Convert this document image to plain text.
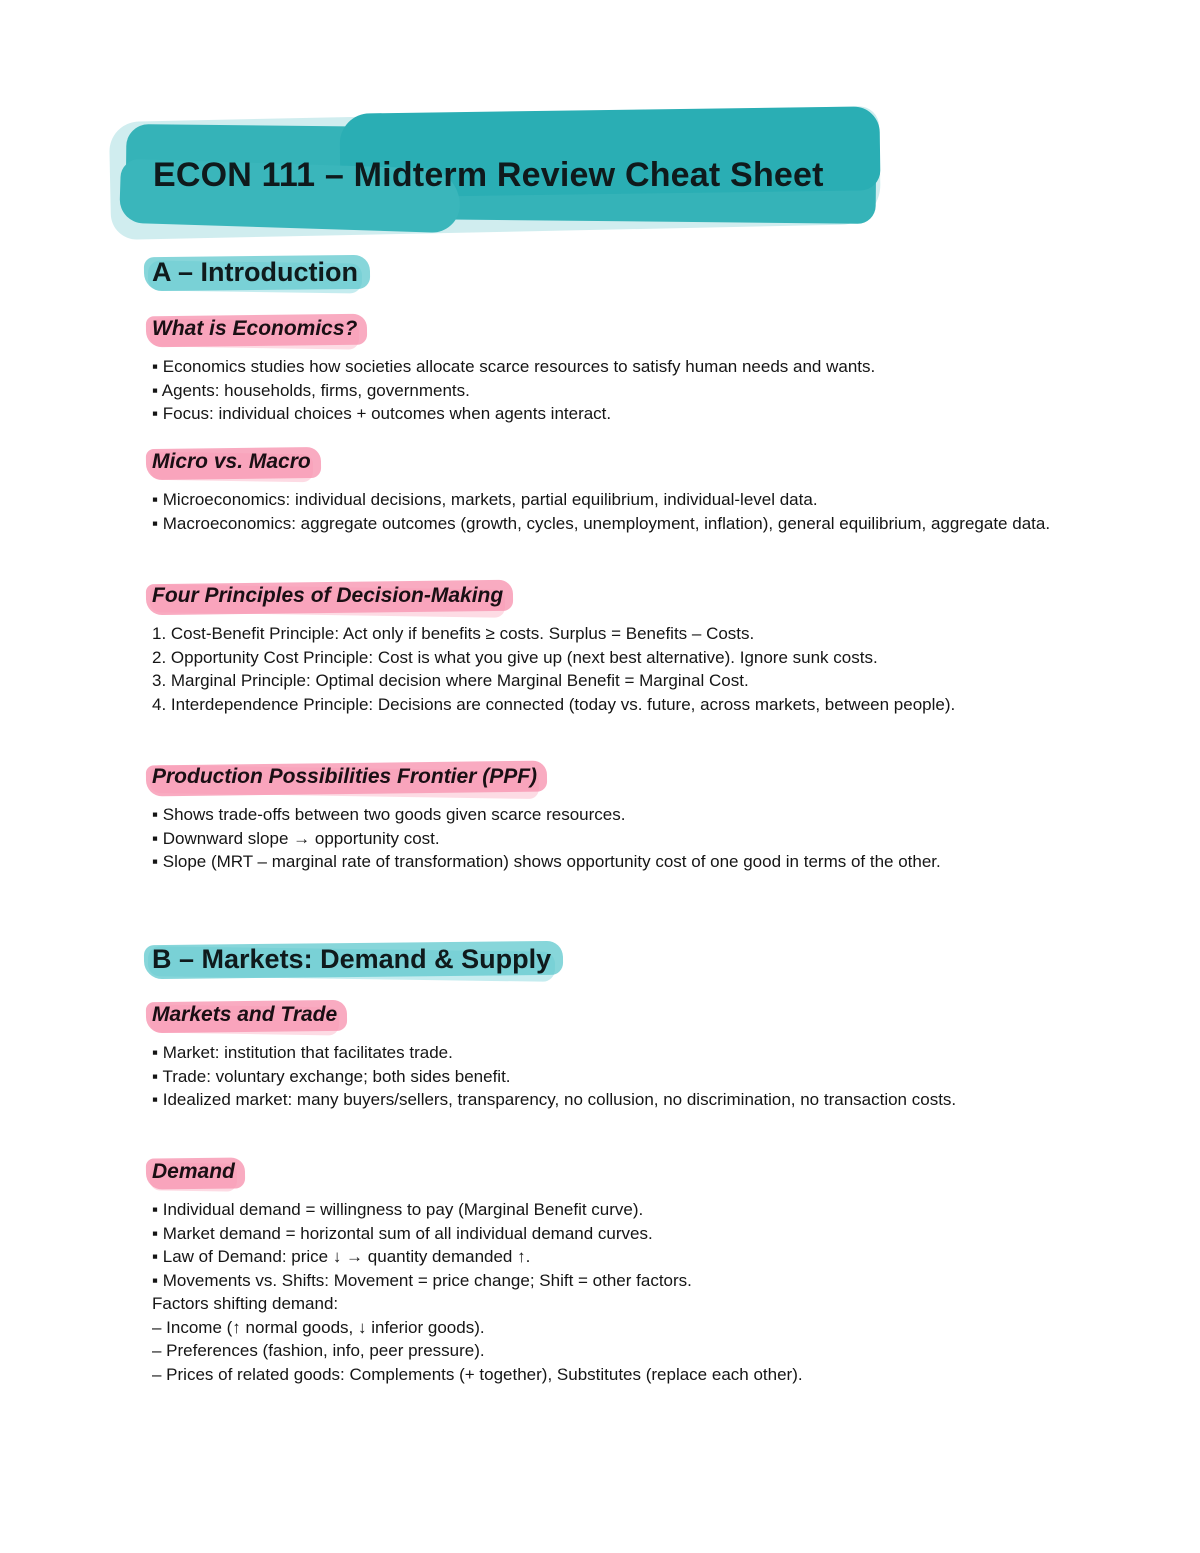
ECON 111 – Midterm Review Cheat Sheet
A – Introduction
What is Economics?

▪ Economics studies how societies allocate scarce resources to satisfy human needs and wants.

▪ Agents: households, firms, governments.

▪ Focus: individual choices + outcomes when agents interact.

Micro vs. Macro

▪ Microeconomics: individual decisions, markets, partial equilibrium, individual-level data.

▪ Macroeconomics: aggregate outcomes (growth, cycles, unemployment, inflation), general equilibrium, aggregate data.

Four Principles of Decision-Making

1. Cost-Benefit Principle: Act only if benefits ≥ costs. Surplus = Benefits – Costs.

2. Opportunity Cost Principle: Cost is what you give up (next best alternative). Ignore sunk costs.

3. Marginal Principle: Optimal decision where Marginal Benefit = Marginal Cost.

4. Interdependence Principle: Decisions are connected (today vs. future, across markets, between people).

Production Possibilities Frontier (PPF)

▪ Shows trade-offs between two goods given scarce resources.

▪ Downward slope → opportunity cost.

▪ Slope (MRT – marginal rate of transformation) shows opportunity cost of one good in terms of the other.

B – Markets: Demand & Supply
Markets and Trade

▪ Market: institution that facilitates trade.

▪ Trade: voluntary exchange; both sides benefit.

▪ Idealized market: many buyers/sellers, transparency, no collusion, no discrimination, no transaction costs.

Demand

▪ Individual demand = willingness to pay (Marginal Benefit curve).

▪ Market demand = horizontal sum of all individual demand curves.

▪ Law of Demand: price ↓ → quantity demanded ↑.

▪ Movements vs. Shifts: Movement = price change; Shift = other factors.

Factors shifting demand:

– Income (↑ normal goods, ↓ inferior goods).

– Preferences (fashion, info, peer pressure).

– Prices of related goods: Complements (+ together), Substitutes (replace each other).
